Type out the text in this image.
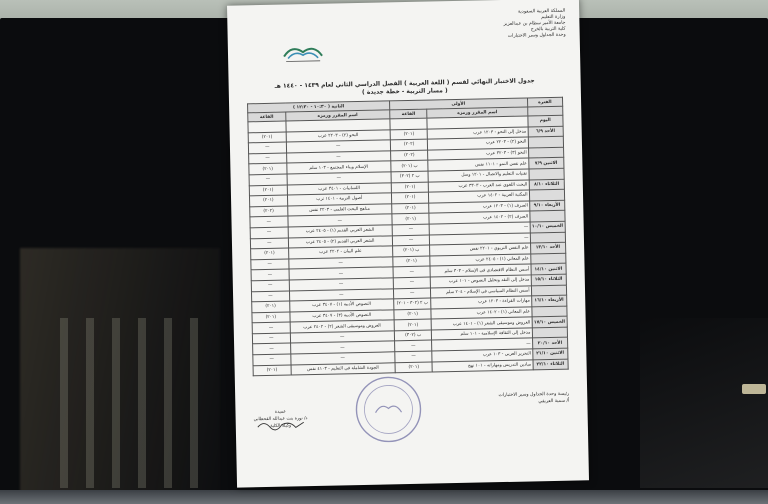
المملكة العربية السعودية
وزارة التعليم
جامعة الأمير سطام بن عبدالعزيز
كلية التربية بالخرج
وحدة الجداول وسير الاختبارات
جدول الاختبار النهائي لقسم ( اللغة العربية ) الفصل الدراسي الثاني لعام ١٤٣٩ - ١٤٤٠ هـ
( مسار التربية - خطة جديدة )
الفترة	الأولى		الثانية ( ١٠:٣٠ - ١٢:٣٠ )	
	اسم المقرر ورمزه	القاعة	اسم المقرر ورمزه	القاعة
اليوم				
الأحد ٦/٩	مدخل إلى النحو - ١٢٠٣ عرب	(٢٠١)	النحو (٢) - ٢٢٠٣ عرب	(٢٠١)
	النحو (٢) - ٢٢٠٣ عرب	(٢٠٢)	—	—
	النحو (٣) - ٣٢٠٣ عرب	(٢٠٢)	—	—
الاثنين ٧/٩	علم نفس النمو - ١١٠١ نفس	ب (٢٠١)	الإسلام وبناء المجتمع - ١٠٣ سلم	(٢٠١)
	تقنيات التعليم والاتصال - ١٢٠١ وسل	ب ٢ (٣٠٢)	—	—
الثلاثاء ٨/١٠	البحث اللغوي عند العرب - ٣٣٠٣ عرب	(٢٠١)	اللسانيات - ٣٤٠١ عرب	(٢٠١)
	المكتبة العربية - ١٤٠٢ عرب	(٢٠١)	أصول التربية - ١٤٠١ ترب	(٢٠١)
الأربعاء ٩/١٠	الصرف (١) - ١٢٠٣ عرب	(٢٠١)	مناهج البحث العلمي - ٢٢٠٣ نفس	(٢٠٢)
	الصرف (٢) - ١٤٠٢ عرب	(٢٠١)	—	—
الخميس ١٠/١٠	—	—	الشعر العربي القديم (١) - ٢٤٠٥ عرب	—
	—	—	الشعر العربي القديم (٢) - ٢٤٠٥ عرب	—
الأحد ١٣/١٠	علم النفس التربوي - ٢٢٠١ نفس	ب (٢٠١)	علم البيان - ٢٢٠٢ عرب	(٢٠١)
	علم المعاني (١) - ٢٤٠٥ عرب	(٢٠١)	—	—
الاثنين ١٤/١٠	أسس النظام الاقتصادي في الإسلام - ٣٠٣ سلم	—	—	—
الثلاثاء ١٥/١٠	مدخل إلى النقد وتحليل النصوص - ١٠١ عرب	—	—	—
	أسس النظام السياسي في الإسلام - ٢٠٤ سلم	—	—	—
الأربعاء ١٦/١٠	مهارات القراءة - ١٢٠٣ عرب	ب ٢ (٣٠٢ - ٢٠١)	النصوص الأدبية (١) - ٣٤٠٧ عرب	(٢٠١)
	علم المعاني (١) - ١٤٠٢ عرب	(٢٠١)	النصوص الأدبية (٣) - ٣٤٠٧ عرب	(٢٠١)
الخميس ١٧/١٠	العروض وموسيقى الشعر (١) - ١٤٠١ عرب	(٢٠١)	العروض وموسيقى الشعر (٢) - ٢٤٠٢ عرب	—
	مدخل إلى الثقافة الإسلامية - ١٠١ سلم	ب (٣٠٢)	—	—
الأحد ٢٠/١٠	—	—	—	—
الاثنين ٢١/١٠	التحرير العربي - ١٠٣ عرب	—	—	—
الثلاثاء ٢٢/١٠	ميادين التدريس ومهاراته - ١٠١ نهج	(٢٠١)	الجودة الشاملة في التعليم - ٤١٠٣ نفس	(٢٠١)
رئيسة وحدة الجداول وسير الاختبارات
أ/ سمية العريفي
عميدة
د/ نورة بنت عبدالله القحطاني
وكيلة الكلية
